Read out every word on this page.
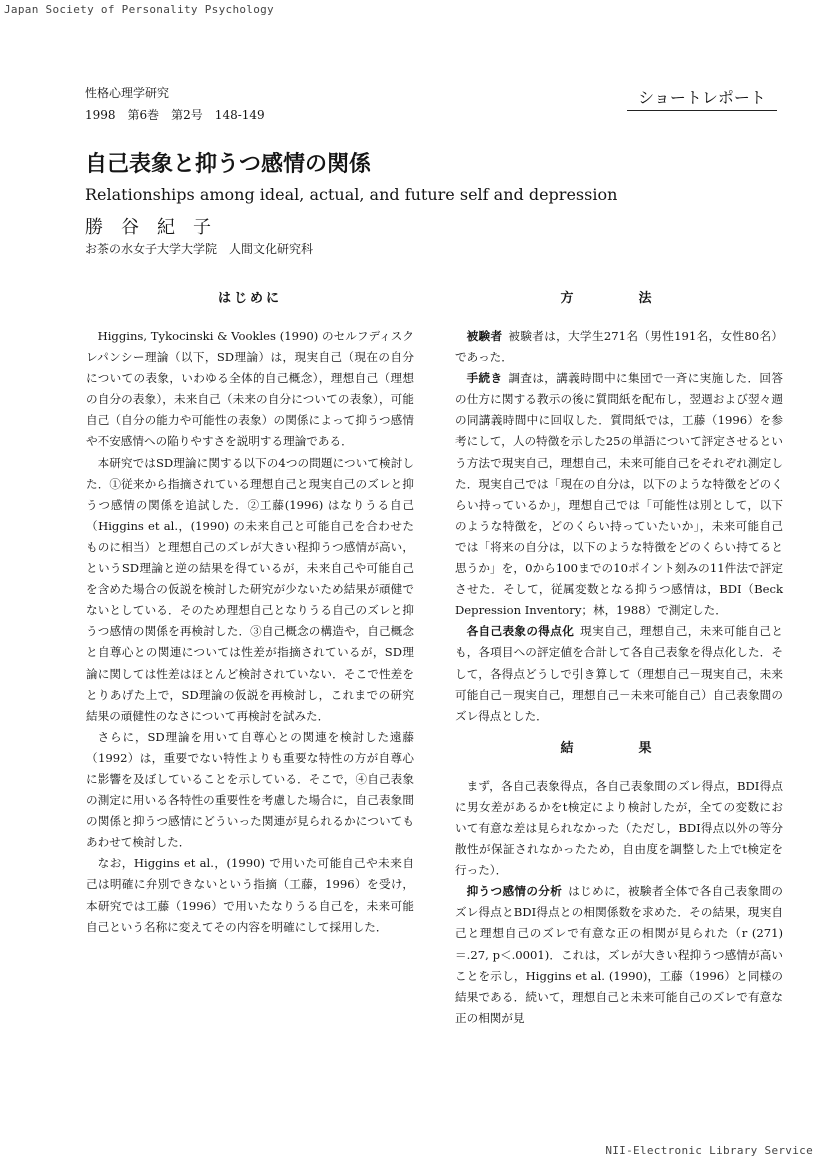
Japan Society of Personality Psychology
性格心理学研究
1998　第6巻　第2号　148-149
ショートレポート
自己表象と抑うつ感情の関係
Relationships among ideal, actual, and future self and depression
勝谷紀子
お茶の水女子大学大学院　人間文化研究科
はじめに

Higgins, Tykocinski & Vookles (1990) のセルフディスクレパンシー理論（以下，SD理論）は，現実自己（現在の自分についての表象，いわゆる全体的自己概念），理想自己（理想の自分の表象），未来自己（未来の自分についての表象），可能自己（自分の能力や可能性の表象）の関係によって抑うつ感情や不安感情への陥りやすさを説明する理論である．

本研究ではSD理論に関する以下の4つの問題について検討した．①従来から指摘されている理想自己と現実自己のズレと抑うつ感情の関係を追試した．②工藤(1996) はなりうる自己（Higgins et al.，(1990) の未来自己と可能自己を合わせたものに相当）と理想自己のズレが大きい程抑うつ感情が高い，というSD理論と逆の結果を得ているが，未来自己や可能自己を含めた場合の仮説を検討した研究が少ないため結果が頑健でないとしている．そのため理想自己となりうる自己のズレと抑うつ感情の関係を再検討した．③自己概念の構造や，自己概念と自尊心との関連については性差が指摘されているが，SD理論に関しては性差はほとんど検討されていない．そこで性差をとりあげた上で，SD理論の仮説を再検討し，これまでの研究結果の頑健性のなさについて再検討を試みた．

さらに，SD理論を用いて自尊心との関連を検討した遠藤（1992）は，重要でない特性よりも重要な特性の方が自尊心に影響を及ぼしていることを示している．そこで，④自己表象の測定に用いる各特性の重要性を考慮した場合に，自己表象間の関係と抑うつ感情にどういった関連が見られるかについてもあわせて検討した．

なお，Higgins et al.，(1990) で用いた可能自己や未来自己は明確に弁別できないという指摘（工藤，1996）を受け，本研究では工藤（1996）で用いたなりうる自己を，未来可能自己という名称に変えてその内容を明確にして採用した．

方　法

被験者 被験者は，大学生271名（男性191名，女性80名）であった．

手続き 調査は，講義時間中に集団で一斉に実施した．回答の仕方に関する教示の後に質問紙を配布し，翌週および翌々週の同講義時間中に回収した．質問紙では，工藤（1996）を参考にして，人の特徴を示した25の単語について評定させるという方法で現実自己，理想自己，未来可能自己をそれぞれ測定した．現実自己では「現在の自分は，以下のような特徴をどのくらい持っているか」，理想自己では「可能性は別として，以下のような特徴を，どのくらい持っていたいか」，未来可能自己では「将来の自分は，以下のような特徴をどのくらい持てると思うか」を，0から100までの10ポイント刻みの11件法で評定させた．そして，従属変数となる抑うつ感情は，BDI（Beck Depression Inventory；林，1988）で測定した．

各自己表象の得点化 現実自己，理想自己，未来可能自己とも，各項目への評定値を合計して各自己表象を得点化した．そして，各得点どうしで引き算して（理想自己－現実自己，未来可能自己－現実自己，理想自己－未来可能自己）自己表象間のズレ得点とした．

結　果

まず，各自己表象得点，各自己表象間のズレ得点，BDI得点に男女差があるかをt検定により検討したが，全ての変数において有意な差は見られなかった（ただし，BDI得点以外の等分散性が保証されなかったため，自由度を調整した上でt検定を行った）．

抑うつ感情の分析 はじめに，被験者全体で各自己表象間のズレ得点とBDI得点との相関係数を求めた．その結果，現実自己と理想自己のズレで有意な正の相関が見られた（r (271)＝.27, p＜.0001)．これは，ズレが大きい程抑うつ感情が高いことを示し，Higgins et al. (1990)，工藤（1996）と同様の結果である．続いて，理想自己と未来可能自己のズレで有意な正の相関が見

NII-Electronic Library Service
